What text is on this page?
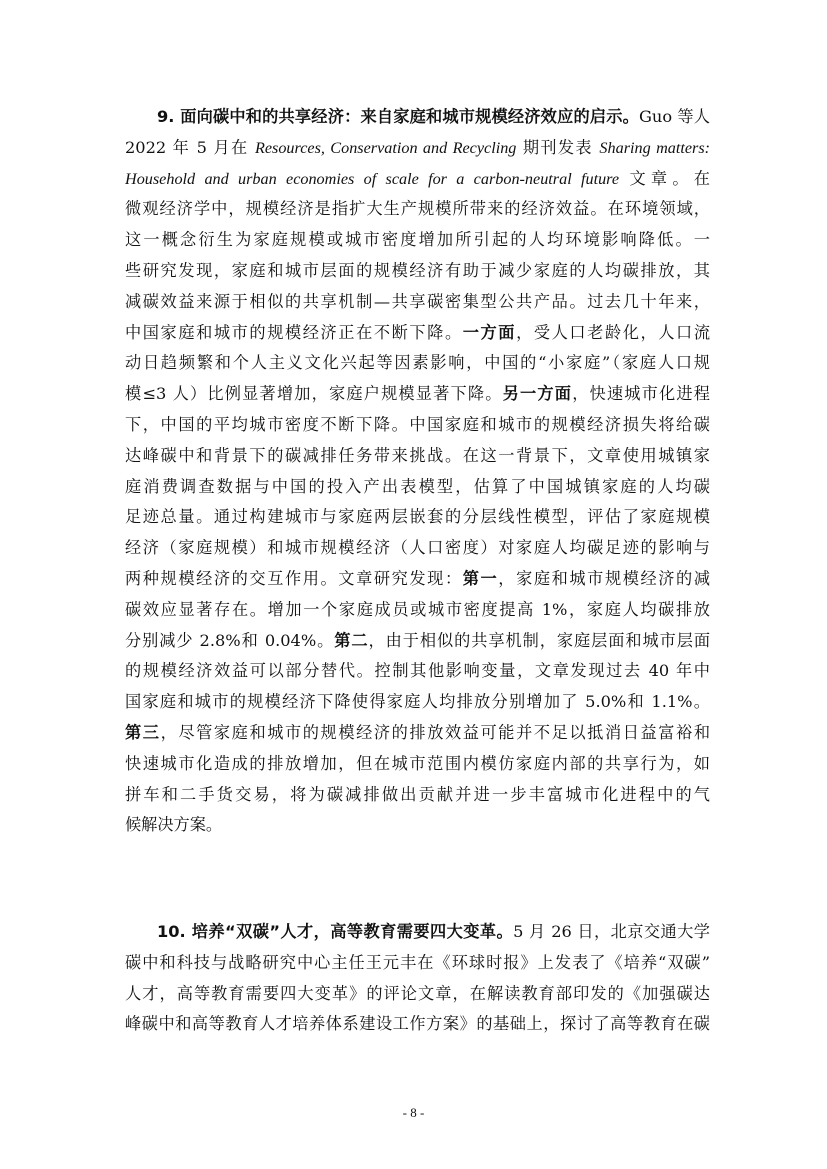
9. 面向碳中和的共享经济：来自家庭和城市规模经济效应的启示。Guo 等人
2022 年 5 月在 Resources, Conservation and Recycling 期刊发表 Sharing matters:
Household and urban economies of scale for a carbon-neutral future 文章。在
微观经济学中，规模经济是指扩大生产规模所带来的经济效益。在环境领域，
这一概念衍生为家庭规模或城市密度增加所引起的人均环境影响降低。一
些研究发现，家庭和城市层面的规模经济有助于减少家庭的人均碳排放，其
减碳效益来源于相似的共享机制—共享碳密集型公共产品。过去几十年来，
中国家庭和城市的规模经济正在不断下降。一方面，受人口老龄化，人口流
动日趋频繁和个人主义文化兴起等因素影响，中国的“小家庭”（家庭人口规
模≤3 人）比例显著增加，家庭户规模显著下降。另一方面，快速城市化进程
下，中国的平均城市密度不断下降。中国家庭和城市的规模经济损失将给碳
达峰碳中和背景下的碳减排任务带来挑战。在这一背景下，文章使用城镇家
庭消费调查数据与中国的投入产出表模型，估算了中国城镇家庭的人均碳
足迹总量。通过构建城市与家庭两层嵌套的分层线性模型，评估了家庭规模
经济（家庭规模）和城市规模经济（人口密度）对家庭人均碳足迹的影响与
两种规模经济的交互作用。文章研究发现：第一，家庭和城市规模经济的减
碳效应显著存在。增加一个家庭成员或城市密度提高 1%，家庭人均碳排放
分别减少 2.8%和 0.04%。第二，由于相似的共享机制，家庭层面和城市层面
的规模经济效益可以部分替代。控制其他影响变量，文章发现过去 40 年中
国家庭和城市的规模经济下降使得家庭人均排放分别增加了 5.0%和 1.1%。
第三，尽管家庭和城市的规模经济的排放效益可能并不足以抵消日益富裕和
快速城市化造成的排放增加，但在城市范围内模仿家庭内部的共享行为，如
拼车和二手货交易，将为碳减排做出贡献并进一步丰富城市化进程中的气
候解决方案。
10. 培养“双碳”人才，高等教育需要四大变革。5 月 26 日，北京交通大学
碳中和科技与战略研究中心主任王元丰在《环球时报》上发表了《培养“双碳”
人才，高等教育需要四大变革》的评论文章，在解读教育部印发的《加强碳达
峰碳中和高等教育人才培养体系建设工作方案》的基础上，探讨了高等教育在碳
- 8 -
